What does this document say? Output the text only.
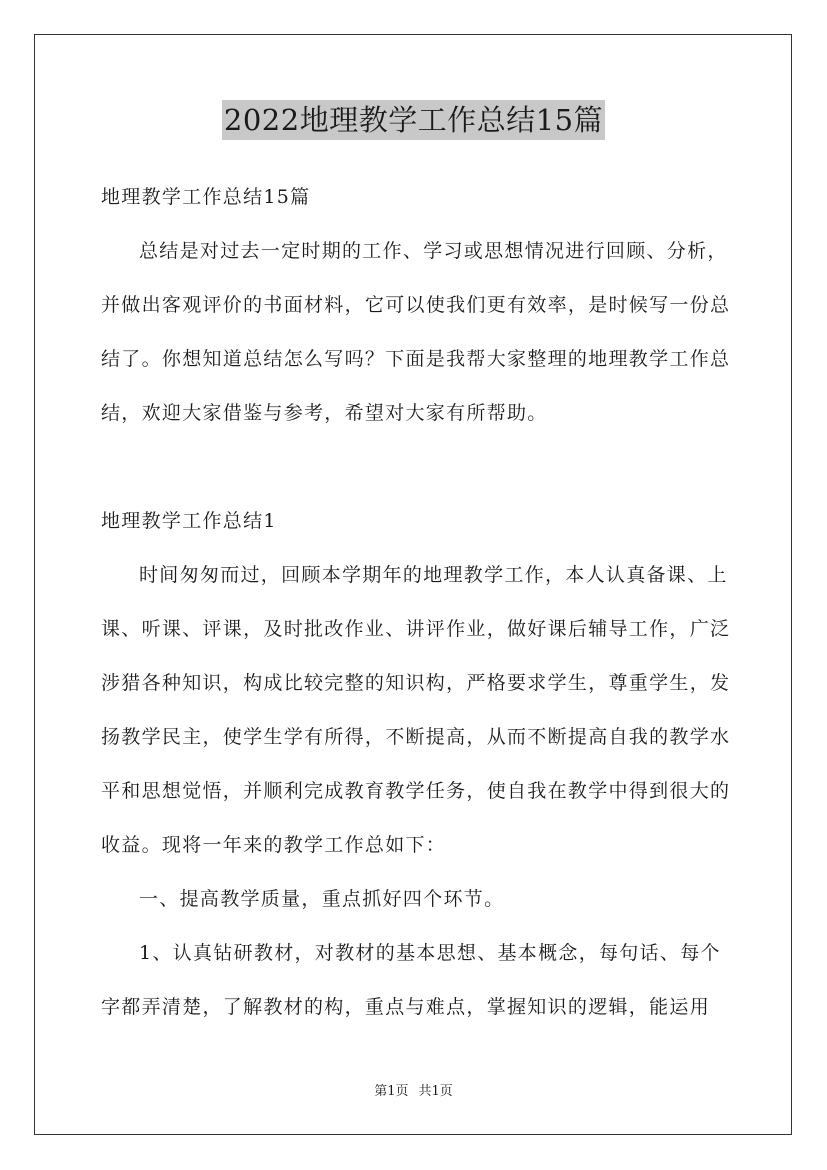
2022地理教学工作总结15篇

地理教学工作总结15篇

总结是对过去一定时期的工作、学习或思想情况进行回顾、分析，并做出客观评价的书面材料，它可以使我们更有效率，是时候写一份总结了。你想知道总结怎么写吗？下面是我帮大家整理的地理教学工作总结，欢迎大家借鉴与参考，希望对大家有所帮助。

地理教学工作总结1

时间匆匆而过，回顾本学期年的地理教学工作，本人认真备课、上课、听课、评课，及时批改作业、讲评作业，做好课后辅导工作，广泛涉猎各种知识，构成比较完整的知识构，严格要求学生，尊重学生，发扬教学民主，使学生学有所得，不断提高，从而不断提高自我的教学水平和思想觉悟，并顺利完成教育教学任务，使自我在教学中得到很大的收益。现将一年来的教学工作总如下：

一、提高教学质量，重点抓好四个环节。

1、认真钻研教材，对教材的基本思想、基本概念，每句话、每个字都弄清楚，了解教材的构，重点与难点，掌握知识的逻辑，能运用

第1页 共1页
